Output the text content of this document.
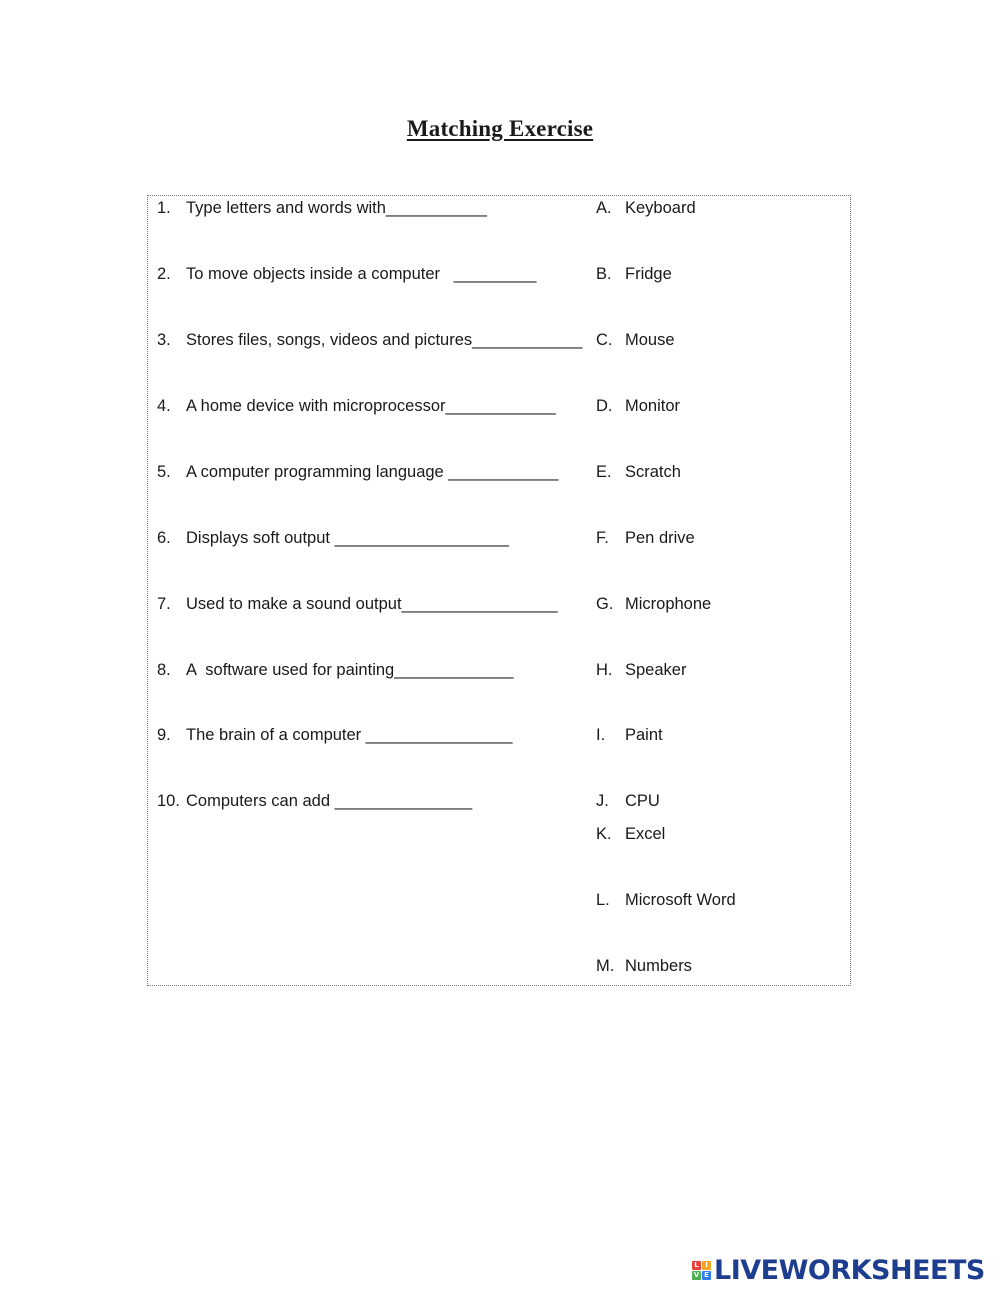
Matching Exercise

1.

Type letters and words with___________

2.

To move objects inside a computer   _________

3.

Stores files, songs, videos and pictures____________

4.

A home device with microprocessor____________

5.

A computer programming language ____________

6.

Displays soft output ___________________

7.

Used to make a sound output_________________

8.

A  software used for painting_____________

9.

The brain of a computer ________________

10.

Computers can add _______________

A.

Keyboard

B.

Fridge

C.

Mouse

D.

Monitor

E.

Scratch

F.

Pen drive

G.

Microphone

H.

Speaker

I.

Paint

J.

CPU

K.

Excel

L.

Microsoft Word

M.

Numbers

L I
V E LIVEWORKSHEETS
